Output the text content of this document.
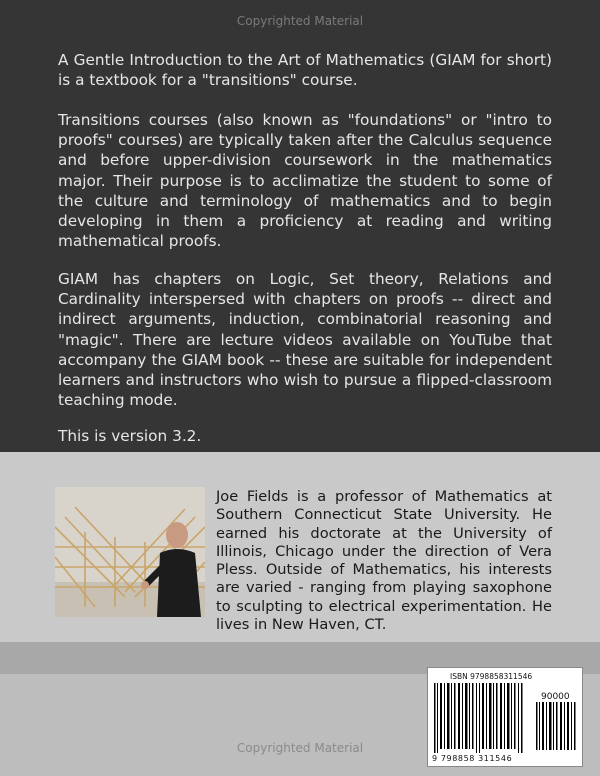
Copyrighted Material

A Gentle Introduction to the Art of Mathematics (GIAM for short) is a textbook for a "transitions" course.

Transitions courses (also known as "foundations" or "intro to proofs" courses) are typically taken after the Calculus sequence and before upper-division coursework in the mathematics major. Their purpose is to acclimatize the student to some of the culture and terminology of mathematics and to begin developing in them a proficiency at reading and writing mathematical proofs.

GIAM has chapters on Logic, Set theory, Relations and Cardinality interspersed with chapters on proofs -- direct and indirect arguments, induction, combinatorial reasoning and "magic". There are lecture videos available on YouTube that accompany the GIAM book -- these are suitable for independent learners and instructors who wish to pursue a flipped-classroom teaching mode.

This is version 3.2.

Joe Fields is a professor of Mathematics at Southern Connecticut State University. He earned his doctorate at the University of Illinois, Chicago under the direction of Vera Pless. Outside of Mathematics, his interests are varied - ranging from playing saxophone to sculpting to electrical experimentation. He lives in New Haven, CT.

ISBN 9798858311546
90000
9 798858 311546
Copyrighted Material
